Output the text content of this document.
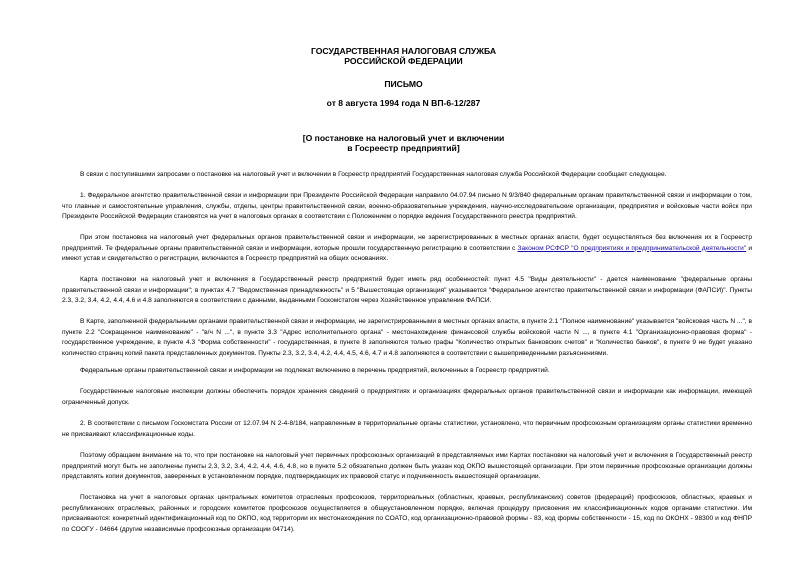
ГОСУДАРСТВЕННАЯ НАЛОГОВАЯ СЛУЖБА
РОССИЙСКОЙ ФЕДЕРАЦИИ
ПИСЬМО
от 8 августа 1994 года N ВП-6-12/287
[О постановке на налоговый учет и включении
в Госреестр предприятий]
В связи с поступившими запросами о постановке на налоговый учет и включении в Госреестр предприятий Государственная налоговая служба Российской Федерации сообщает следующее.
1. Федеральное агентство правительственной связи и информации при Президенте Российской Федерации направило 04.07.94 письмо N 9/3/840 федеральным органам правительственной связи и информации о том, что главные и самостоятельные управления, службы, отделы, центры правительственной связи, военно-образовательные учреждения, научно-исследовательские организации, предприятия и войсковые части войск при Президенте Российской Федерации становятся на учет в налоговых органах в соответствии с Положением о порядке ведения Государственного реестра предприятий.
При этом постановка на налоговый учет федеральных органов правительственной связи и информации, не зарегистрированных в местных органах власти, будет осуществляться без включения их в Госреестр предприятий. Те федеральные органы правительственной связи и информации, которые прошли государственную регистрацию в соответствии с Законом РСФСР "О предприятиях и предпринимательской деятельности" и имеют устав и свидетельство о регистрации, включаются в Госреестр предприятий на общих основаниях.
Карта постановки на налоговый учет и включения в Государственный реестр предприятий будет иметь ряд особенностей: пункт 4.5 "Виды деятельности" - дается наименование "федеральные органы правительственной связи и информации"; в пунктах 4.7 "Ведомственная принадлежность" и 5 "Вышестоящая организация" указывается "Федеральное агентство правительственной связи и информации (ФАПСИ)". Пункты 2.3, 3.2, 3.4, 4.2, 4.4, 4.6 и 4.8 заполняются в соответствии с данными, выданными Госкомстатом через Хозяйственное управление ФАПСИ.
В Карте, заполненной федеральными органами правительственной связи и информации, не зарегистрированными в местных органах власти, в пункте 2.1 "Полное наименование" указывается "войсковая часть N ...", в пункте 2.2 "Сокращенное наименование" - "в/ч N ...", в пункте 3.3 "Адрес исполнительного органа" - местонахождение финансовой службы войсковой части N ..., в пункте 4.1 "Организационно-правовая форма" - государственное учреждение, в пункте 4.3 "Форма собственности" - государственная, в пункте 8 заполняются только графы "Количество открытых банковских счетов" и "Количество банков", в пункте 9 не будет указано количество страниц копий пакета представленных документов. Пункты 2.3, 3.2, 3.4, 4.2, 4.4, 4.5, 4.6, 4.7 и 4.8 заполняются в соответствии с вышеприведенными разъяснениями.
Федеральные органы правительственной связи и информации не подлежат включению в перечень предприятий, включенных в Госреестр предприятий.
Государственные налоговые инспекции должны обеспечить порядок хранения сведений о предприятиях и организациях федеральных органов правительственной связи и информации как информации, имеющей ограниченный допуск.
2. В соответствии с письмом Госкомстата России от 12.07.94 N 2-4-8/184, направленным в территориальные органы статистики, установлено, что первичным профсоюзным организациям органы статистики временно не присваивают классификационные коды.
Поэтому обращаем внимание на то, что при постановке на налоговый учет первичных профсоюзных организаций в представляемых ими Картах постановки на налоговый учет и включения в Государственный реестр предприятий могут быть не заполнены пункты 2.3, 3.2, 3.4, 4.2, 4.4, 4.6, 4.8, но в пункте 5.2 обязательно должен быть указан код ОКПО вышестоящей организации. При этом первичные профсоюзные организации должны представлять копии документов, заверенных в установленном порядке, подтверждающих их правовой статус и подчиненность вышестоящей организации.
Постановка на учет в налоговых органах центральных комитетов отраслевых профсоюзов, территориальных (областных, краевых, республиканских) советов (федераций) профсоюзов, областных, краевых и республиканских отраслевых, районных и городских комитетов профсоюзов осуществляется в общеустановленном порядке, включая процедуру присвоения им классификационных кодов органами статистики. Им присваиваются: конкретный идентификационный код по ОКПО, код территории их местонахождения по СОАТО, код организационно-правовой формы - 83, код формы собственности - 15, код по ОКОНХ - 98300 и код ФНПР по СООГУ - 04664 (другие независимые профсоюзные организации 04714).
